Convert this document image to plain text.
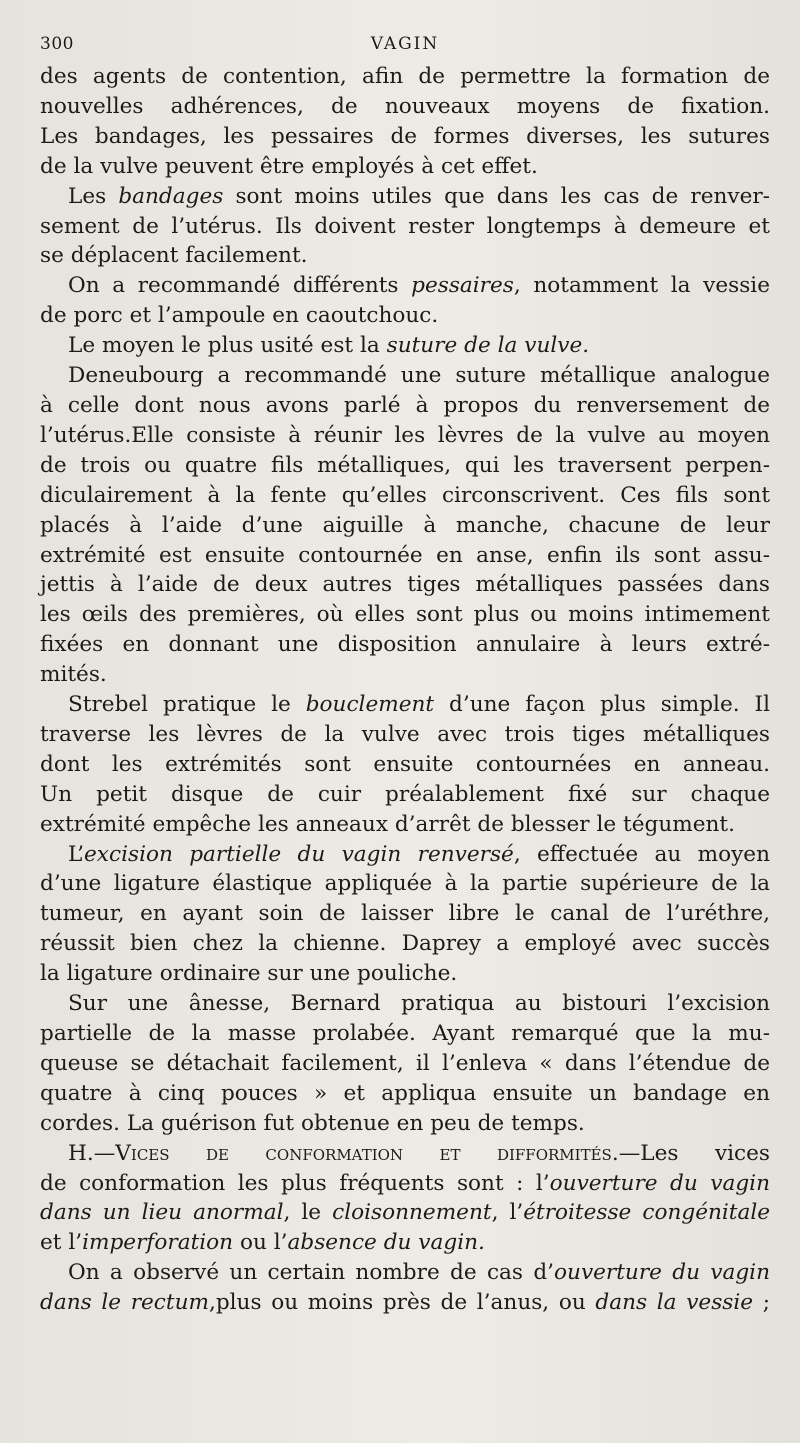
300	VAGIN
des agents de contention, afin de permettre la formation de
nouvelles adhérences, de nouveaux moyens de fixation.
Les bandages, les pessaires de formes diverses, les sutures
de la vulve peuvent être employés à cet effet.
Les bandages sont moins utiles que dans les cas de renver-
sement de l’utérus. Ils doivent rester longtemps à demeure et
se déplacent facilement.
On a recommandé différents pessaires, notamment la vessie
de porc et l’ampoule en caoutchouc.
Le moyen le plus usité est la suture de la vulve.
Deneubourg a recommandé une suture métallique analogue
à celle dont nous avons parlé à propos du renversement de
l’utérus.Elle consiste à réunir les lèvres de la vulve au moyen
de trois ou quatre fils métalliques, qui les traversent perpen-
diculairement à la fente qu’elles circonscrivent. Ces fils sont
placés à l’aide d’une aiguille à manche, chacune de leur
extrémité est ensuite contournée en anse, enfin ils sont assu-
jettis à l’aide de deux autres tiges métalliques passées dans
les œils des premières, où elles sont plus ou moins intimement
fixées en donnant une disposition annulaire à leurs extré-
mités.
Strebel pratique le bouclement d’une façon plus simple. Il
traverse les lèvres de la vulve avec trois tiges métalliques
dont les extrémités sont ensuite contournées en anneau.
Un petit disque de cuir préalablement fixé sur chaque
extrémité empêche les anneaux d’arrêt de blesser le tégument.
L’excision partielle du vagin renversé, effectuée au moyen
d’une ligature élastique appliquée à la partie supérieure de la
tumeur, en ayant soin de laisser libre le canal de l’uréthre,
réussit bien chez la chienne. Daprey a employé avec succès
la ligature ordinaire sur une pouliche.
Sur une ânesse, Bernard pratiqua au bistouri l’excision
partielle de la masse prolabée. Ayant remarqué que la mu-
queuse se détachait facilement, il l’enleva « dans l’étendue de
quatre à cinq pouces » et appliqua ensuite un bandage en
cordes. La guérison fut obtenue en peu de temps.
H.—Vices de conformation et difformités.—Les vices
de conformation les plus fréquents sont : l’ouverture du vagin
dans un lieu anormal, le cloisonnement, l’étroitesse congénitale
et l’imperforation ou l’absence du vagin.
On a observé un certain nombre de cas d’ouverture du vagin
dans le rectum,plus ou moins près de l’anus, ou dans la vessie ;
